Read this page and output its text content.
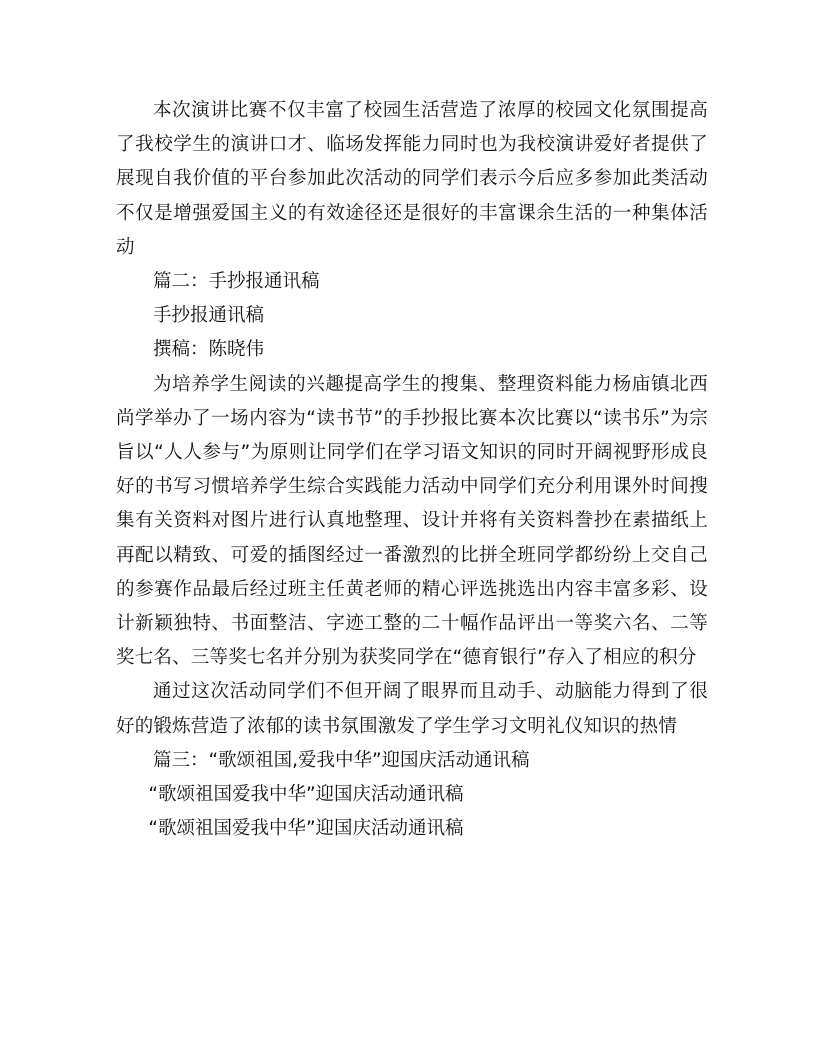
本次演讲比赛不仅丰富了校园生活营造了浓厚的校园文化氛围提高了我校学生的演讲口才、临场发挥能力同时也为我校演讲爱好者提供了展现自我价值的平台参加此次活动的同学们表示今后应多参加此类活动不仅是增强爱国主义的有效途径还是很好的丰富课余生活的一种集体活动

篇二：手抄报通讯稿

手抄报通讯稿

撰稿：陈晓伟

为培养学生阅读的兴趣提高学生的搜集、整理资料能力杨庙镇北西尚学举办了一场内容为“读书节”的手抄报比赛本次比赛以“读书乐”为宗旨以“人人参与”为原则让同学们在学习语文知识的同时开阔视野形成良好的书写习惯培养学生综合实践能力活动中同学们充分利用课外时间搜集有关资料对图片进行认真地整理、设计并将有关资料誊抄在素描纸上再配以精致、可爱的插图经过一番激烈的比拼全班同学都纷纷上交自己的参赛作品最后经过班主任黄老师的精心评选挑选出内容丰富多彩、设计新颖独特、书面整洁、字迹工整的二十幅作品评出一等奖六名、二等奖七名、三等奖七名并分别为获奖同学在“德育银行”存入了相应的积分

通过这次活动同学们不但开阔了眼界而且动手、动脑能力得到了很好的锻炼营造了浓郁的读书氛围激发了学生学习文明礼仪知识的热情

篇三：“歌颂祖国,爱我中华”迎国庆活动通讯稿

“歌颂祖国爱我中华”迎国庆活动通讯稿

“歌颂祖国爱我中华”迎国庆活动通讯稿
